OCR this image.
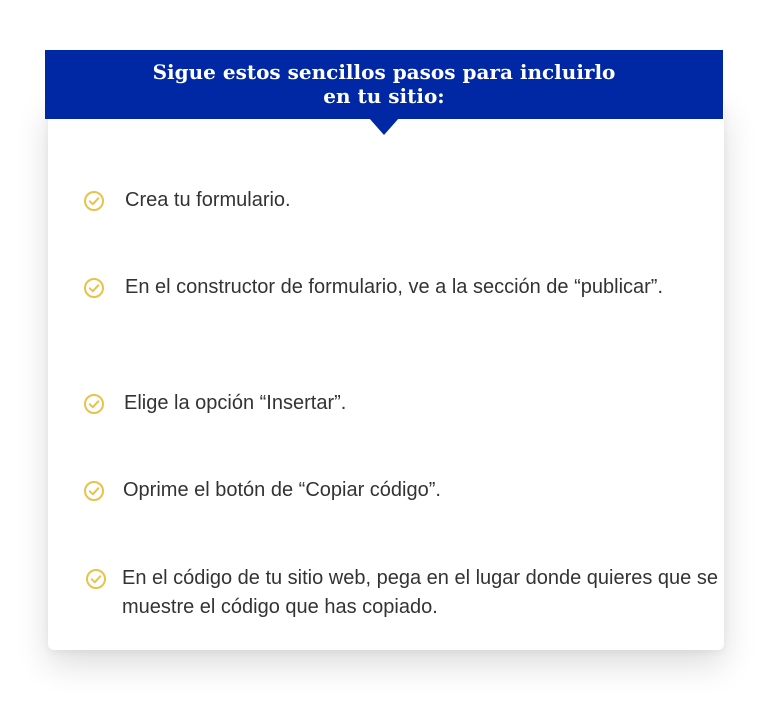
Sigue estos sencillos pasos para incluirlo
en tu sitio:
Crea tu formulario.
En el constructor de formulario, ve a la sección de “publicar”.
Elige la opción “Insertar”.
Oprime el botón de “Copiar código”.
En el código de tu sitio web, pega en el lugar donde quieres que se muestre el código que has copiado.
